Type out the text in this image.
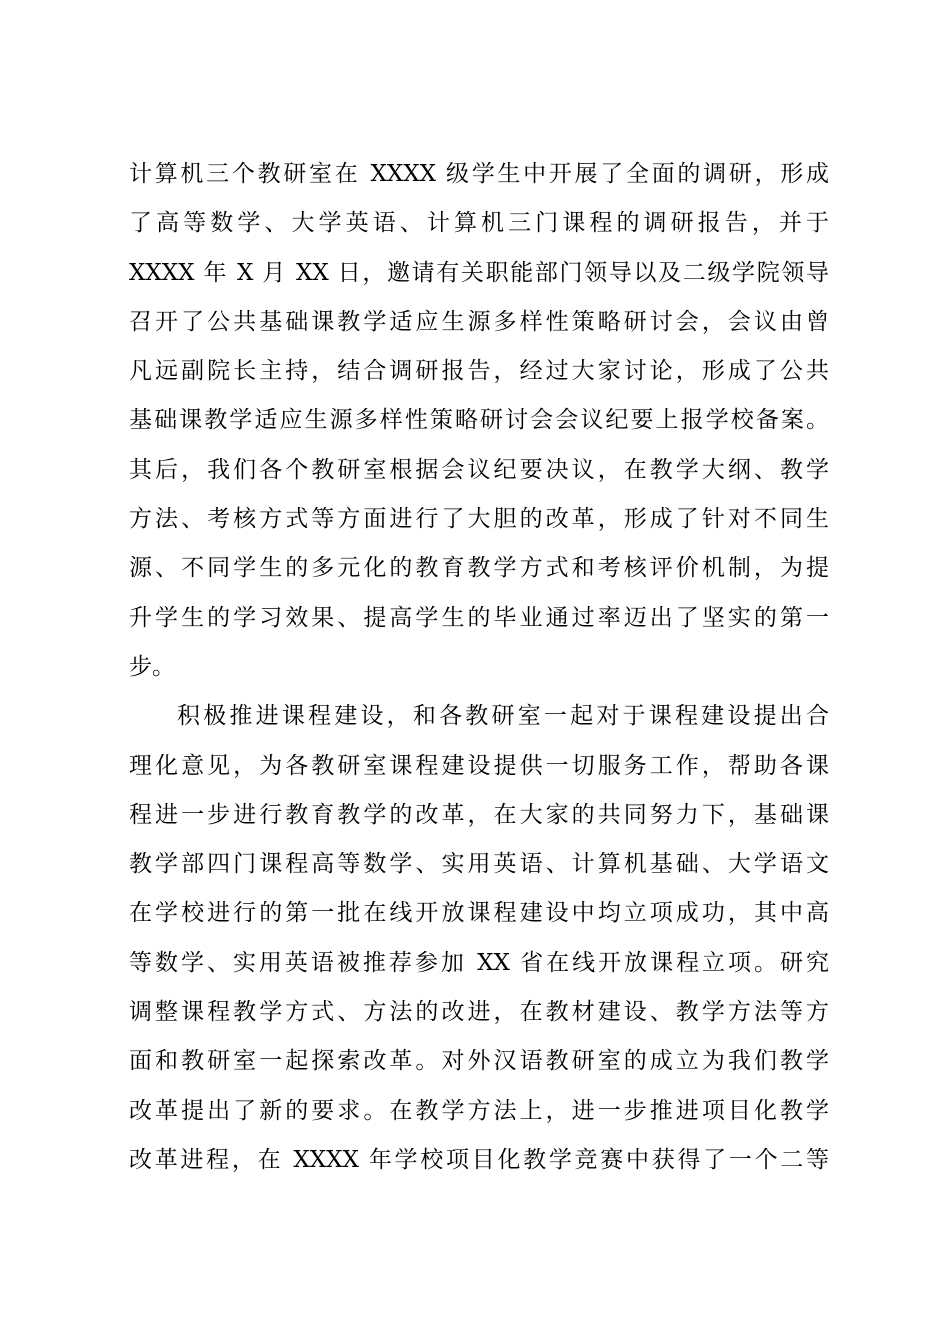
计算机三个教研室在 XXXX 级学生中开展了全面的调研，形成
了高等数学、大学英语、计算机三门课程的调研报告，并于
XXXX 年 X 月 XX 日，邀请有关职能部门领导以及二级学院领导
召开了公共基础课教学适应生源多样性策略研讨会，会议由曾
凡远副院长主持，结合调研报告，经过大家讨论，形成了公共
基础课教学适应生源多样性策略研讨会会议纪要上报学校备案。
其后，我们各个教研室根据会议纪要决议，在教学大纲、教学
方法、考核方式等方面进行了大胆的改革，形成了针对不同生
源、不同学生的多元化的教育教学方式和考核评价机制，为提
升学生的学习效果、提高学生的毕业通过率迈出了坚实的第一
步。
积极推进课程建设，和各教研室一起对于课程建设提出合
理化意见，为各教研室课程建设提供一切服务工作，帮助各课
程进一步进行教育教学的改革，在大家的共同努力下，基础课
教学部四门课程高等数学、实用英语、计算机基础、大学语文
在学校进行的第一批在线开放课程建设中均立项成功，其中高
等数学、实用英语被推荐参加 XX 省在线开放课程立项。研究
调整课程教学方式、方法的改进，在教材建设、教学方法等方
面和教研室一起探索改革。对外汉语教研室的成立为我们教学
改革提出了新的要求。在教学方法上，进一步推进项目化教学
改革进程，在 XXXX 年学校项目化教学竞赛中获得了一个二等
